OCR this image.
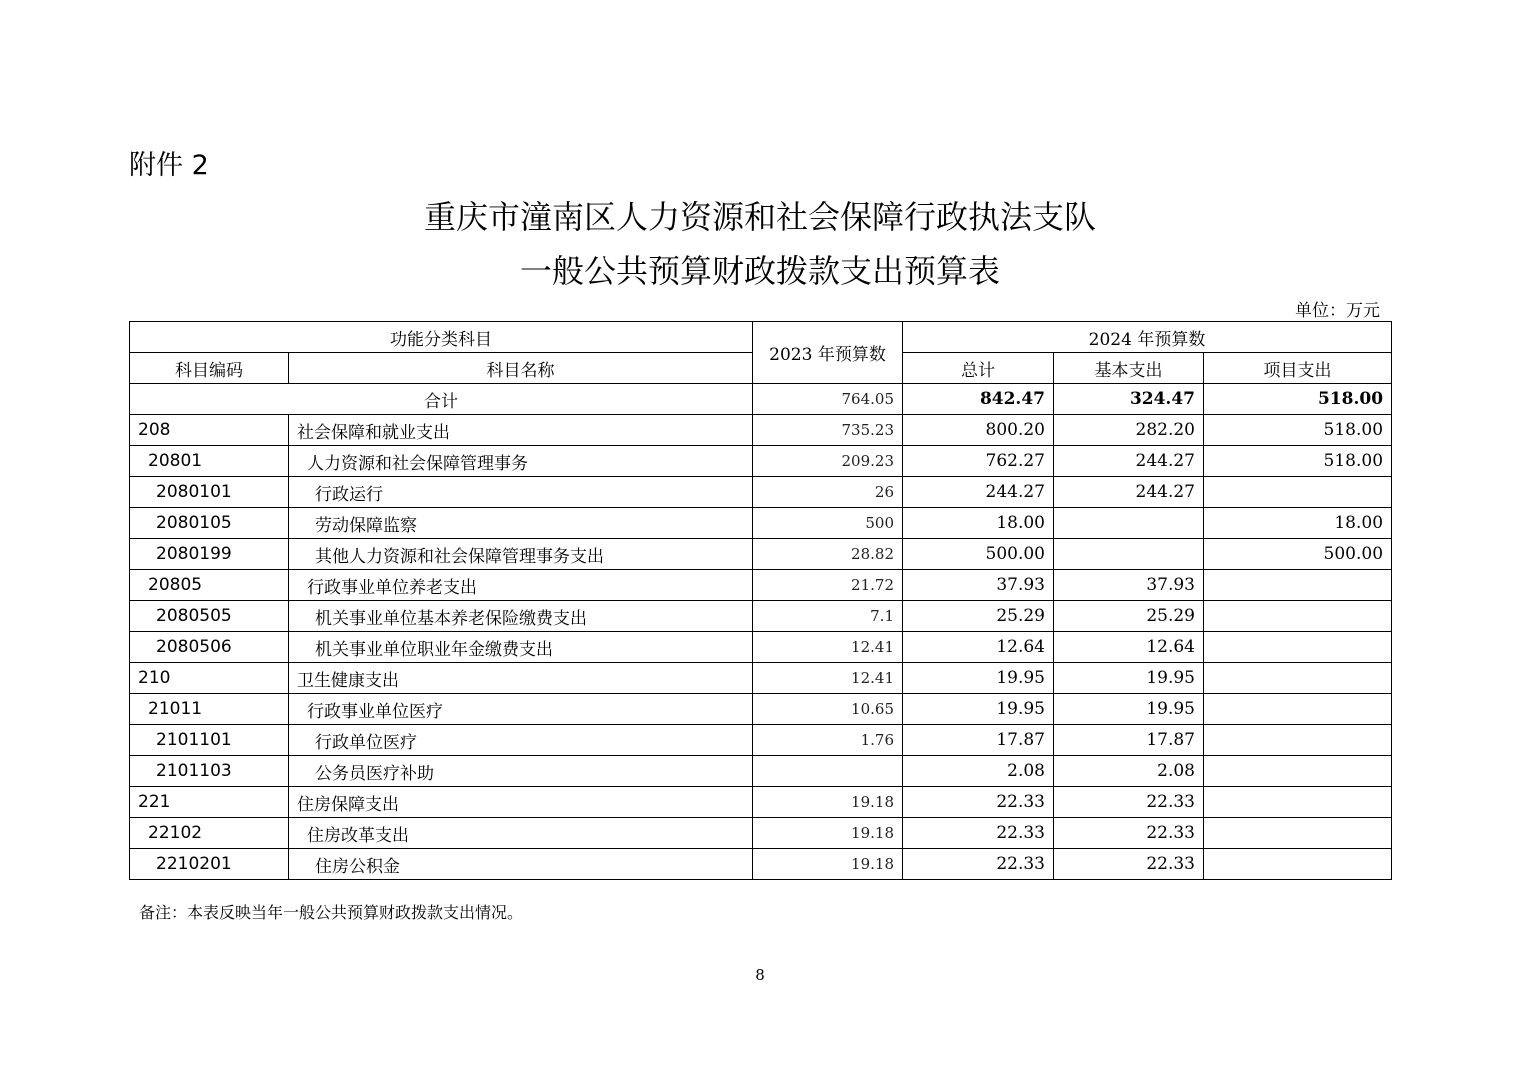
附件 2
重庆市潼南区人力资源和社会保障行政执法支队
一般公共预算财政拨款支出预算表
单位：万元
功能分类科目		2023 年预算数	2024 年预算数		
科目编码	科目名称		总计	基本支出	项目支出
合计		764.05	842.47	324.47	518.00
208	社会保障和就业支出	735.23	800.20	282.20	518.00
20801	人力资源和社会保障管理事务	209.23	762.27	244.27	518.00
2080101	行政运行	26	244.27	244.27	
2080105	劳动保障监察	500	18.00		18.00
2080199	其他人力资源和社会保障管理事务支出	28.82	500.00		500.00
20805	行政事业单位养老支出	21.72	37.93	37.93	
2080505	机关事业单位基本养老保险缴费支出	7.1	25.29	25.29	
2080506	机关事业单位职业年金缴费支出	12.41	12.64	12.64	
210	卫生健康支出	12.41	19.95	19.95	
21011	行政事业单位医疗	10.65	19.95	19.95	
2101101	行政单位医疗	1.76	17.87	17.87	
2101103	公务员医疗补助		2.08	2.08	
221	住房保障支出	19.18	22.33	22.33	
22102	住房改革支出	19.18	22.33	22.33	
2210201	住房公积金	19.18	22.33	22.33	
备注：本表反映当年一般公共预算财政拨款支出情况。
8
